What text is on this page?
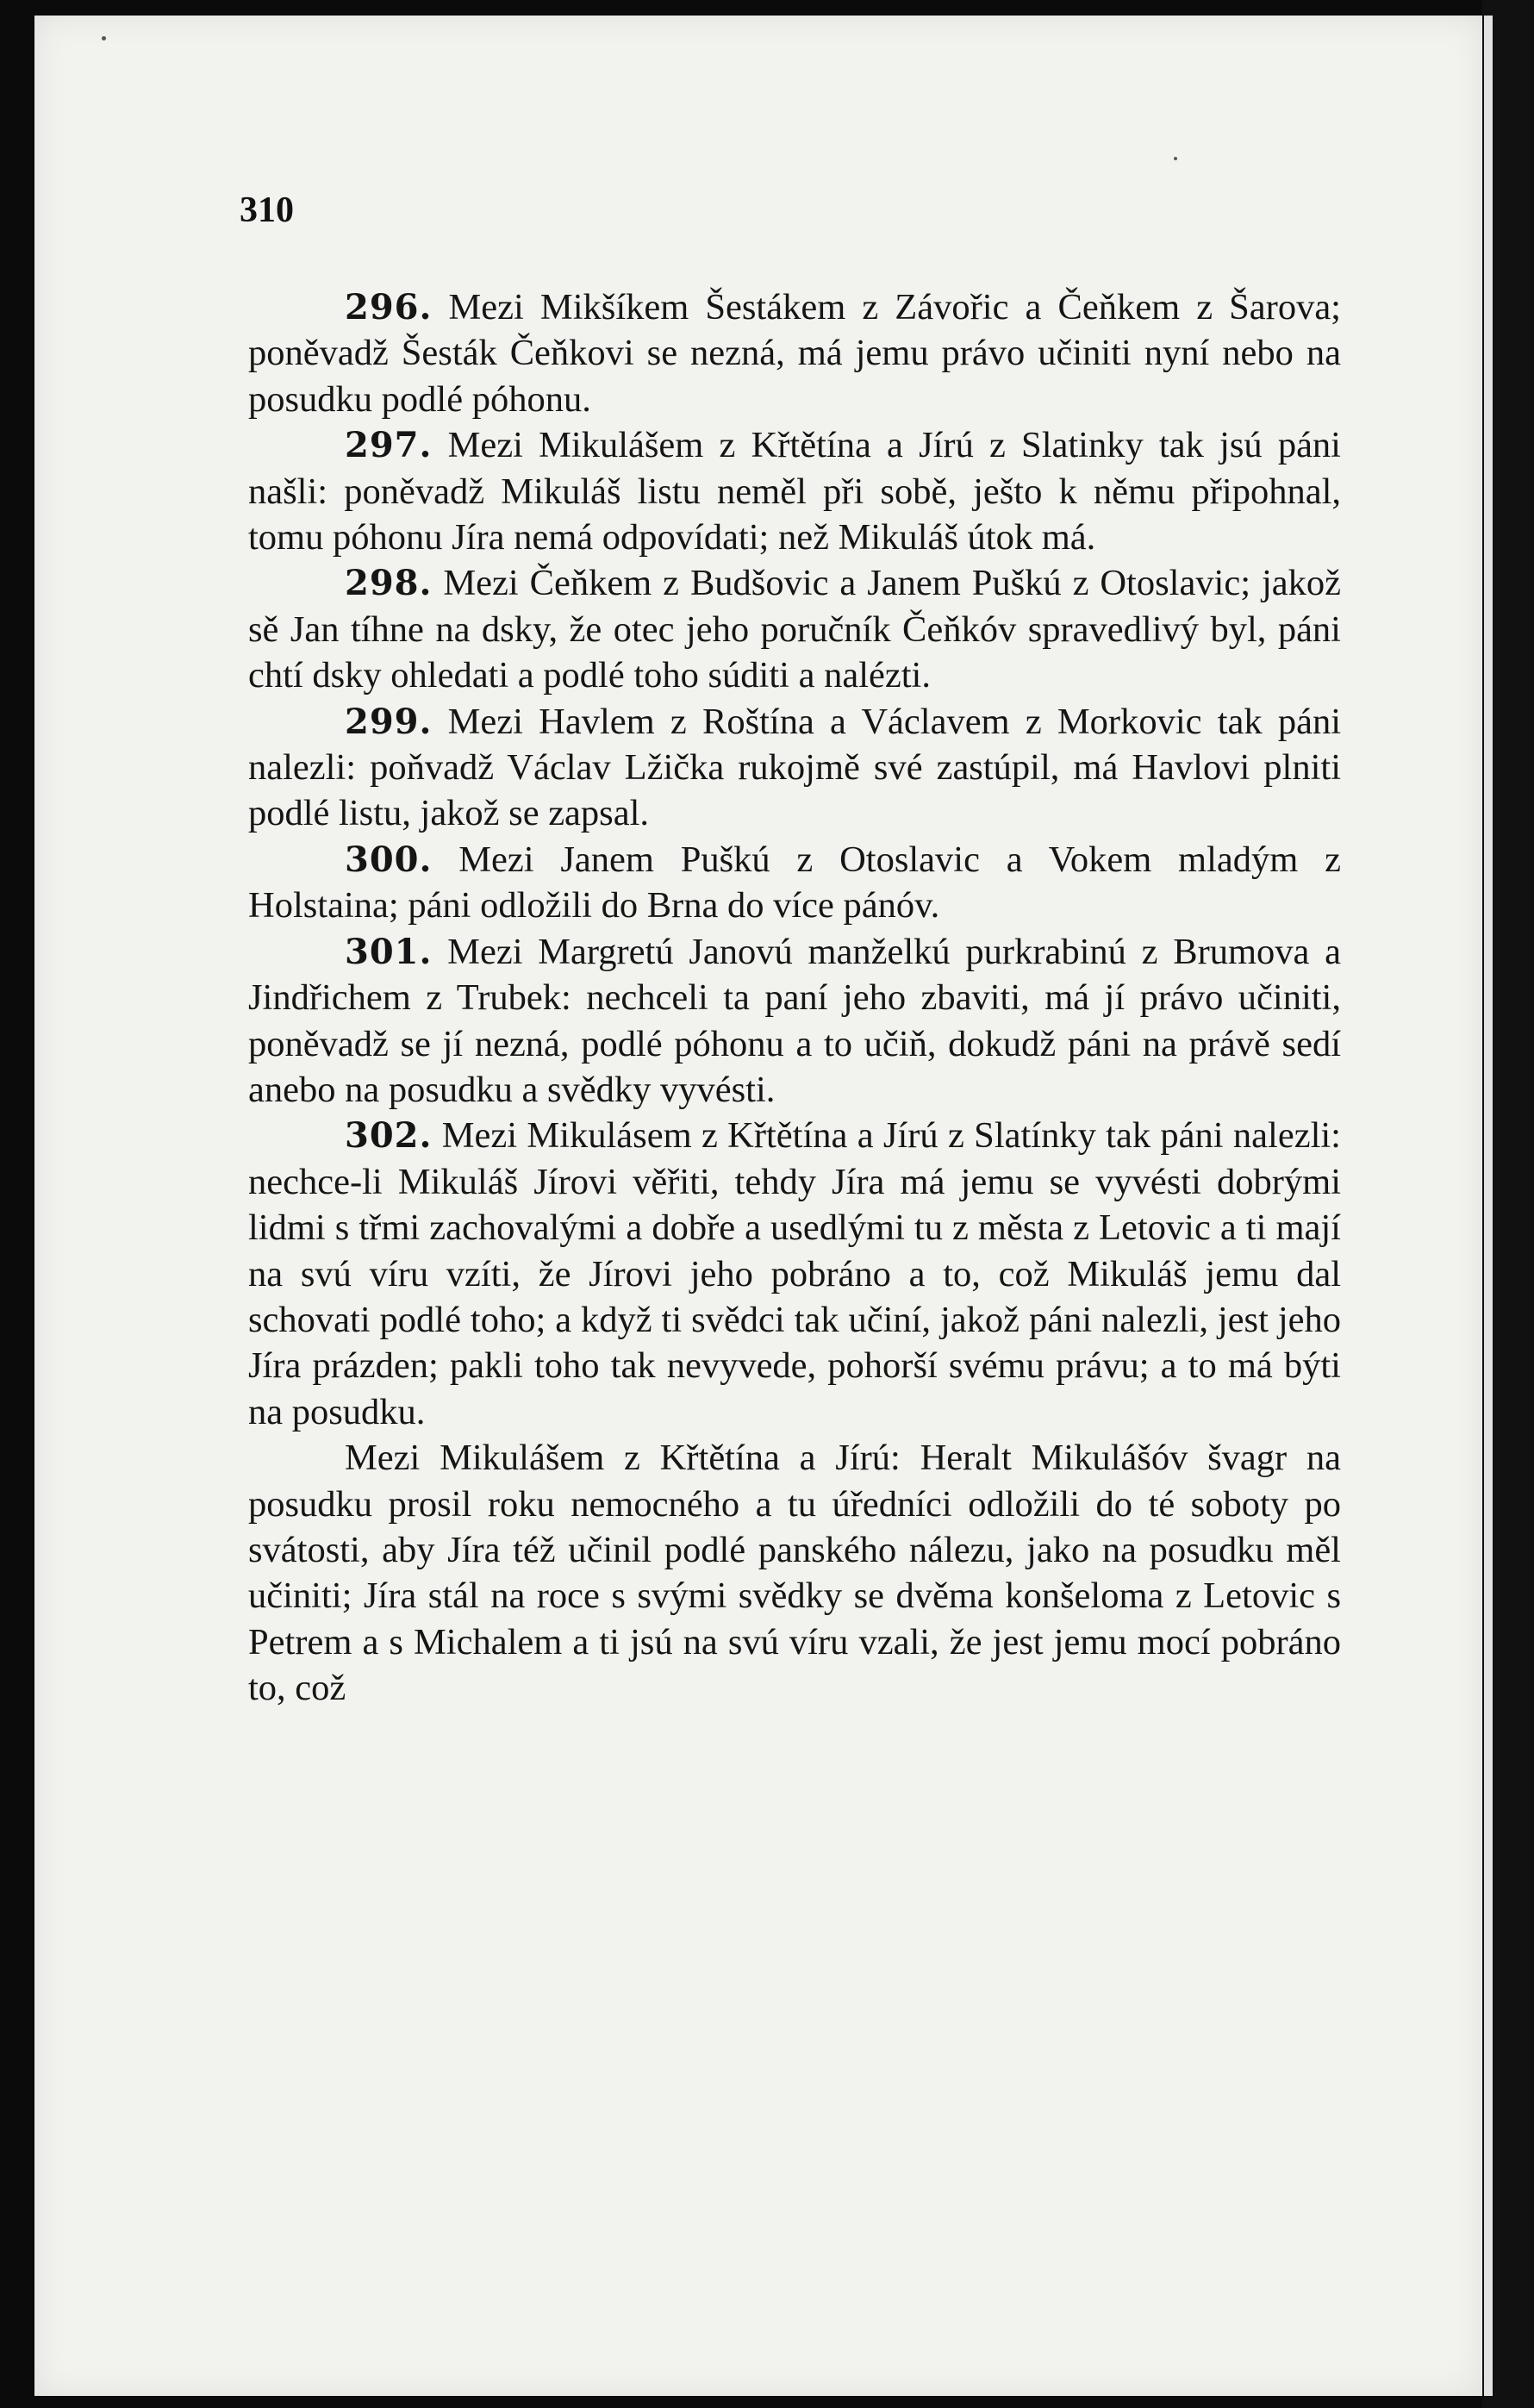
310

296. Mezi Mikšíkem Šestákem z Závořic a Čeňkem z Šarova; poněvadž Šesták Čeňkovi se nezná, má jemu právo učiniti nyní nebo na posudku podlé póhonu.

297. Mezi Mikulášem z Křtětína a Jírú z Slatinky tak jsú páni našli: poněvadž Mikuláš listu neměl při sobě, ješto k němu připohnal, tomu póhonu Jíra nemá odpovídati; než Mikuláš útok má.

298. Mezi Čeňkem z Budšovic a Janem Puškú z Otoslavic; jakož sě Jan tíhne na dsky, že otec jeho poručník Čeňkóv spravedlivý byl, páni chtí dsky ohledati a podlé toho súditi a nalézti.

299. Mezi Havlem z Roštína a Václavem z Morkovic tak páni nalezli: poňvadž Václav Lžička rukojmě své zastúpil, má Havlovi plniti podlé listu, jakož se zapsal.

300. Mezi Janem Puškú z Otoslavic a Vokem mladým z Holstaina; páni odložili do Brna do více pánóv.

301. Mezi Margretú Janovú manželkú purkrabinú z Brumova a Jindřichem z Trubek: nechceli ta paní jeho zbaviti, má jí právo učiniti, poněvadž se jí nezná, podlé póhonu a to učiň, dokudž páni na právě sedí anebo na posudku a svědky vyvésti.

302. Mezi Mikulásem z Křtětína a Jírú z Slatínky tak páni nalezli: nechce-li Mikuláš Jírovi věřiti, tehdy Jíra má jemu se vyvésti dobrými lidmi s třmi zachovalými a dobře a usedlými tu z města z Letovic a ti mají na svú víru vzíti, že Jírovi jeho pobráno a to, což Mikuláš jemu dal schovati podlé toho; a když ti svědci tak učiní, jakož páni nalezli, jest jeho Jíra prázden; pakli toho tak nevyvede, pohorší svému právu; a to má býti na posudku.

Mezi Mikulášem z Křtětína a Jírú: Heralt Mikulášóv švagr na posudku prosil roku nemocného a tu úředníci odložili do té soboty po svátosti, aby Jíra též učinil podlé panského nálezu, jako na posudku měl učiniti; Jíra stál na roce s svými svědky se dvěma konšeloma z Letovic s Petrem a s Michalem a ti jsú na svú víru vzali, že jest jemu mocí pobráno to, což
